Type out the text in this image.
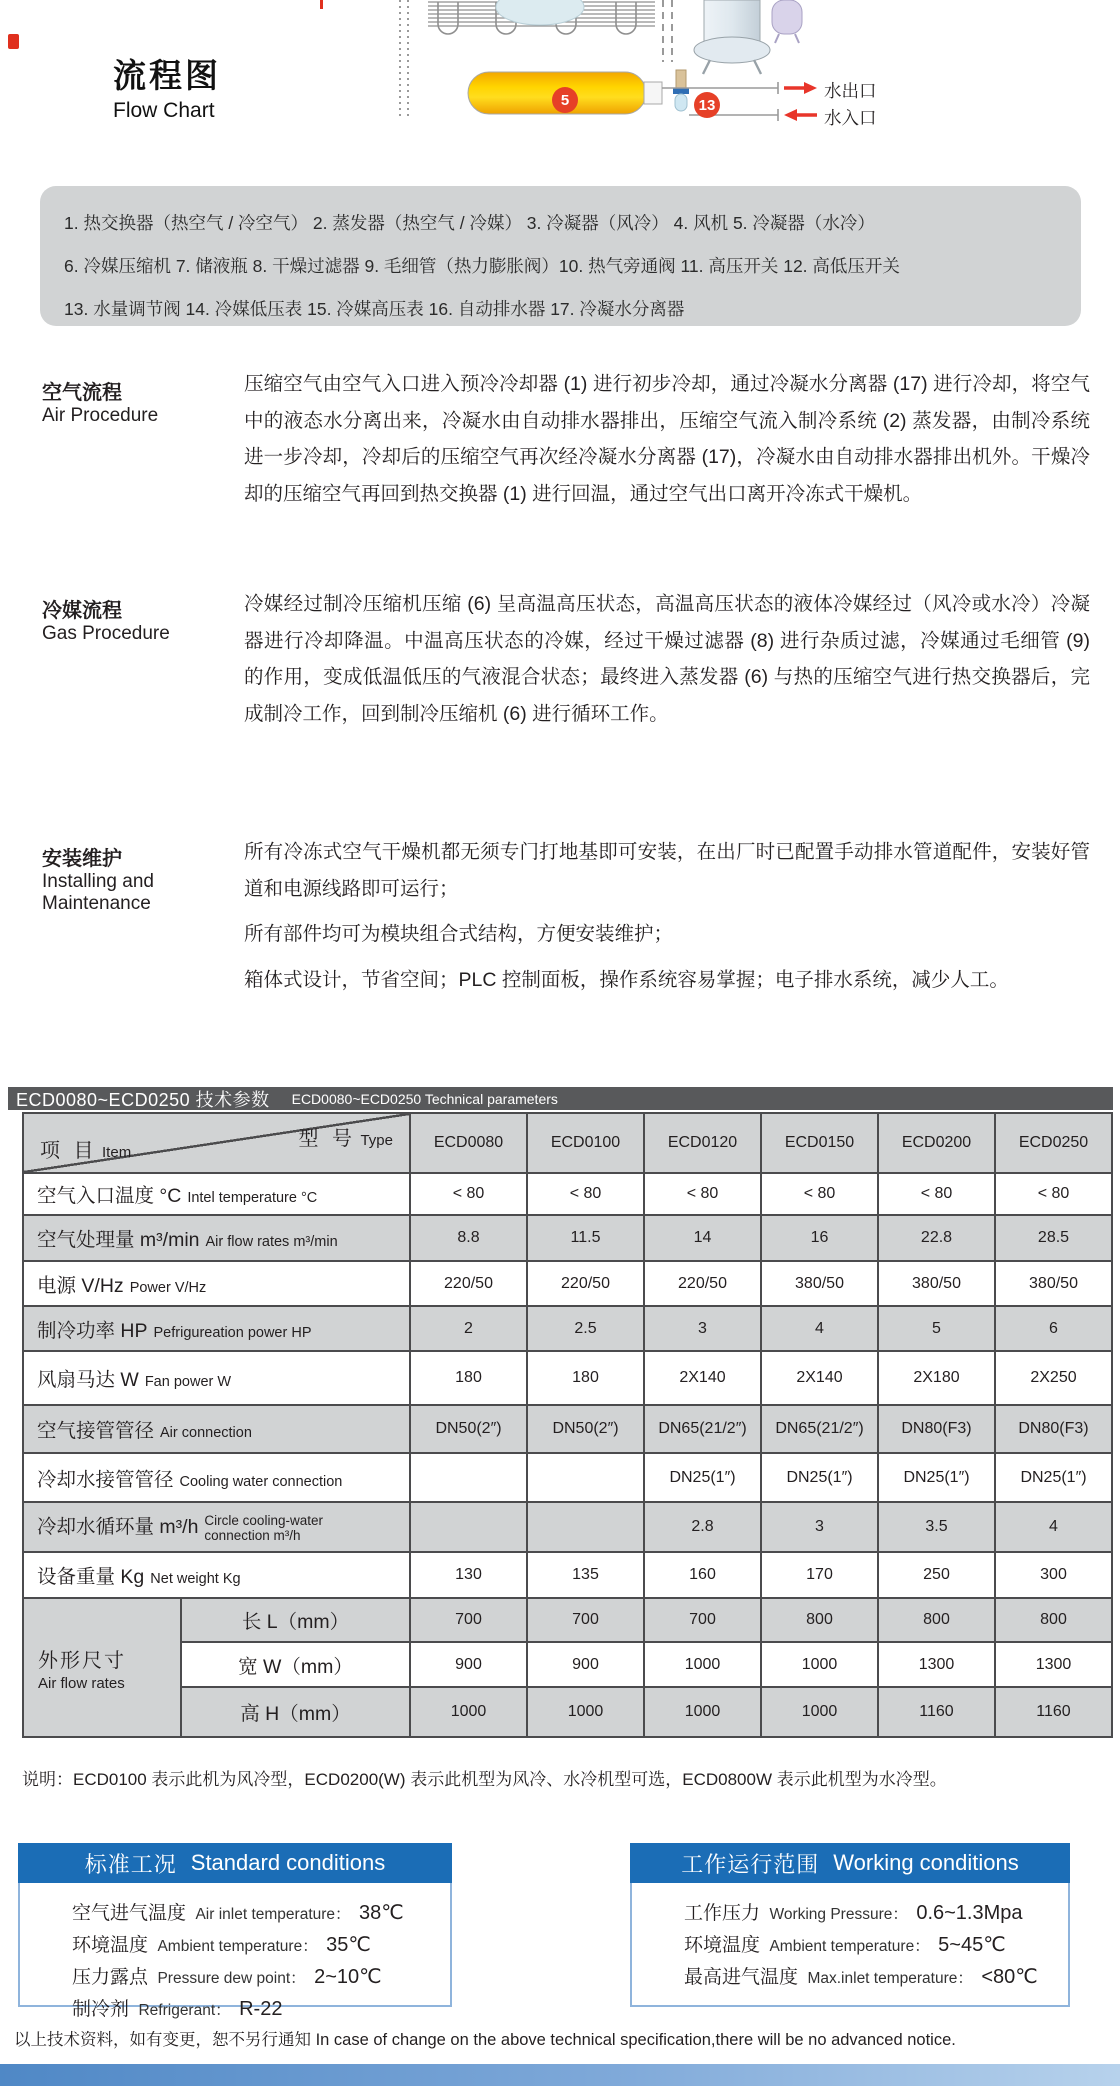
5	13
水出口
水入口
流程图
Flow Chart

1. 热交换器（热空气 / 冷空气） 2. 蒸发器（热空气 / 冷媒） 3. 冷凝器（风冷） 4. 风机 5. 冷凝器（水冷）

6. 冷媒压缩机 7. 储液瓶 8. 干燥过滤器 9. 毛细管（热力膨胀阀）10. 热气旁通阀 11. 高压开关 12. 高低压开关

13. 水量调节阀 14. 冷媒低压表 15. 冷媒高压表 16. 自动排水器 17. 冷凝水分离器

空气流程
Air Procedure

压缩空气由空气入口进入预冷冷却器 (1) 进行初步冷却，通过冷凝水分离器 (17) 进行冷却，将空气中的液态水分离出来，冷凝水由自动排水器排出，压缩空气流入制冷系统 (2) 蒸发器，由制冷系统进一步冷却，冷却后的压缩空气再次经冷凝水分离器 (17)，冷凝水由自动排水器排出机外。干燥冷却的压缩空气再回到热交换器 (1) 进行回温，通过空气出口离开冷冻式干燥机。

冷媒流程
Gas Procedure

冷媒经过制冷压缩机压缩 (6) 呈高温高压状态，高温高压状态的液体冷媒经过（风冷或水冷）冷凝器进行冷却降温。中温高压状态的冷媒，经过干燥过滤器 (8) 进行杂质过滤，冷媒通过毛细管 (9) 的作用，变成低温低压的气液混合状态；最终进入蒸发器 (6) 与热的压缩空气进行热交换器后，完成制冷工作，回到制冷压缩机 (6) 进行循环工作。

安装维护
Installing and Maintenance

所有冷冻式空气干燥机都无须专门打地基即可安装，在出厂时已配置手动排水管道配件，安装好管道和电源线路即可运行；

所有部件均可为模块组合式结构，方便安装维护；

箱体式设计，节省空间；PLC 控制面板，操作系统容易掌握；电子排水系统，减少人工。

ECD0080~ECD0250 技术参数 ECD0080~ECD0250 Technical parameters
型 号 Type
项 目 Item		ECD0080	ECD0100	ECD0120	ECD0150	ECD0200	ECD0250
空气入口温度 °C Intel temperature °C		< 80	< 80	< 80	< 80	< 80	< 80
空气处理量 m³/min Air flow rates m³/min		8.8	11.5	14	16	22.8	28.5
电源 V/Hz Power V/Hz		220/50	220/50	220/50	380/50	380/50	380/50
制冷功率 HP Pefrigureation power HP		2	2.5	3	4	5	6
风扇马达 W Fan power W		180	180	2X140	2X140	2X180	2X250
空气接管管径 Air connection		DN50(2″)	DN50(2″)	DN65(21/2″)	DN65(21/2″)	DN80(F3)	DN80(F3)
冷却水接管管径 Cooling water connection				DN25(1″)	DN25(1″)	DN25(1″)	DN25(1″)
冷却水循环量 m³/h Circle cooling-water connection m³/h				2.8	3	3.5	4
设备重量 Kg Net weight Kg		130	135	160	170	250	300

外形尺寸
Air flow rates	长 L（mm）	700	700	700	800	800	800
	宽 W（mm）	900	900	1000	1000	1300	1300
	高 H（mm）	1000	1000	1000	1000	1160	1160
说明：ECD0100 表示此机为风冷型，ECD0200(W) 表示此机型为风冷、水冷机型可选，ECD0800W 表示此机型为水冷型。
标准工况 Standard conditions
空气进气温度 Air inlet temperature： 38℃
环境温度 Ambient temperature： 35℃
压力露点 Pressure dew point： 2~10℃
制冷剂 Refrigerant： R-22
工作运行范围 Working conditions
工作压力 Working Pressure： 0.6~1.3Mpa
环境温度 Ambient temperature： 5~45℃
最高进气温度 Max.inlet temperature： <80℃
以上技术资料，如有变更，恕不另行通知 In case of change on the above technical specification,there will be no advanced notice.
